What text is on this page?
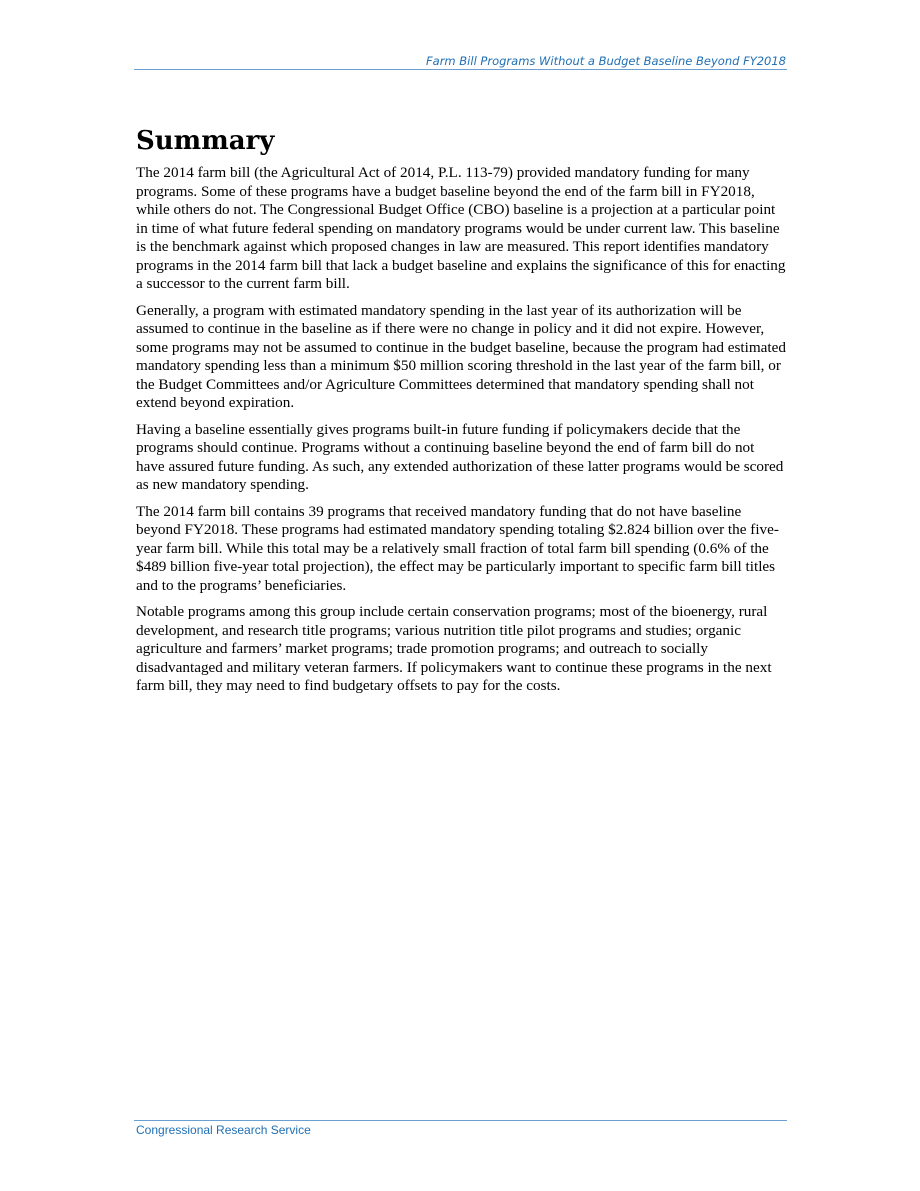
Farm Bill Programs Without a Budget Baseline Beyond FY2018
Summary

The 2014 farm bill (the Agricultural Act of 2014, P.L. 113-79) provided mandatory funding for many programs. Some of these programs have a budget baseline beyond the end of the farm bill in FY2018, while others do not. The Congressional Budget Office (CBO) baseline is a projection at a particular point in time of what future federal spending on mandatory programs would be under current law. This baseline is the benchmark against which proposed changes in law are measured. This report identifies mandatory programs in the 2014 farm bill that lack a budget baseline and explains the significance of this for enacting a successor to the current farm bill.

Generally, a program with estimated mandatory spending in the last year of its authorization will be assumed to continue in the baseline as if there were no change in policy and it did not expire. However, some programs may not be assumed to continue in the budget baseline, because the program had estimated mandatory spending less than a minimum $50 million scoring threshold in the last year of the farm bill, or the Budget Committees and/or Agriculture Committees determined that mandatory spending shall not extend beyond expiration.

Having a baseline essentially gives programs built-in future funding if policymakers decide that the programs should continue. Programs without a continuing baseline beyond the end of farm bill do not have assured future funding. As such, any extended authorization of these latter programs would be scored as new mandatory spending.

The 2014 farm bill contains 39 programs that received mandatory funding that do not have baseline beyond FY2018. These programs had estimated mandatory spending totaling $2.824 billion over the five-year farm bill. While this total may be a relatively small fraction of total farm bill spending (0.6% of the $489 billion five-year total projection), the effect may be particularly important to specific farm bill titles and to the programs’ beneficiaries.

Notable programs among this group include certain conservation programs; most of the bioenergy, rural development, and research title programs; various nutrition title pilot programs and studies; organic agriculture and farmers’ market programs; trade promotion programs; and outreach to socially disadvantaged and military veteran farmers. If policymakers want to continue these programs in the next farm bill, they may need to find budgetary offsets to pay for the costs.

Congressional Research Service
